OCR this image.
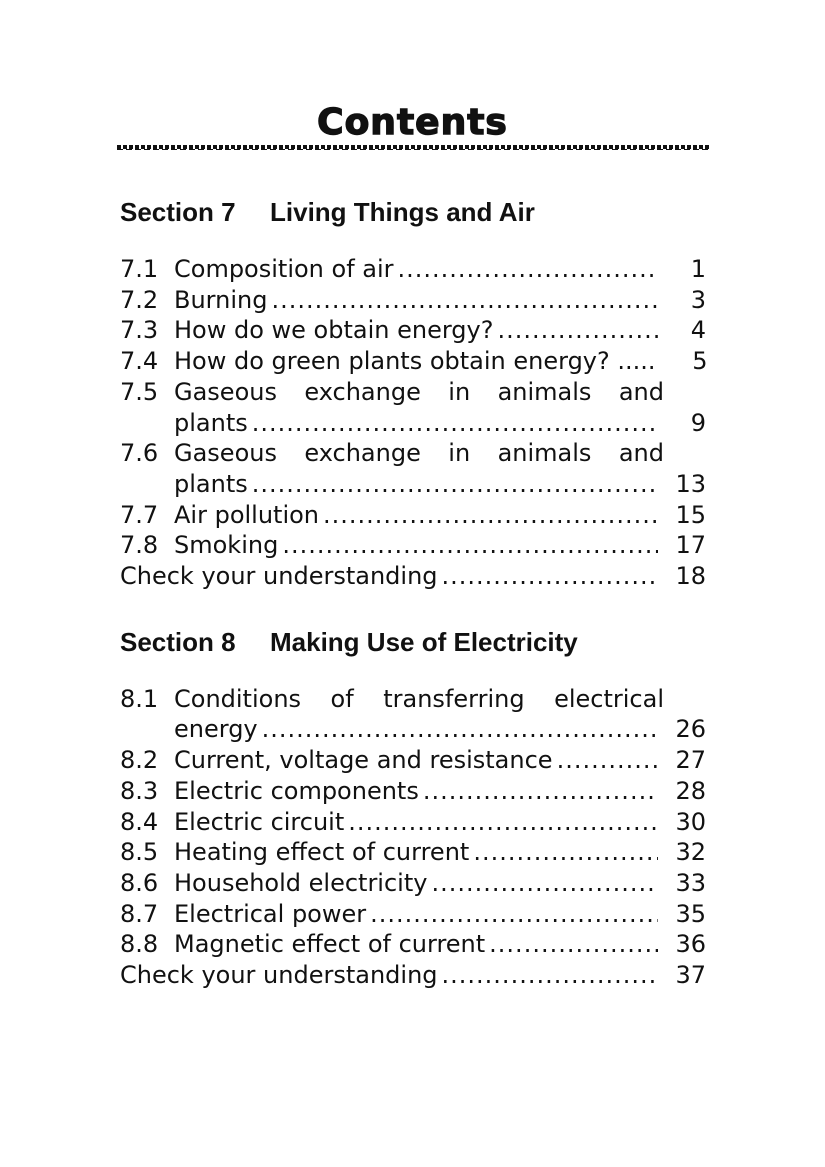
Contents
Section 7 Living Things and Air
7.1 Composition of air .....	1
7.2 Burning .....	3
7.3 How do we obtain energy? .....	4
7.4 How do green plants obtain energy? .....	5
7.5 Gaseous exchange in animals and
plants .....	9
7.6 Gaseous exchange in animals and
plants .....	13
7.7 Air pollution .....	15
7.8 Smoking .....	17
Check your understanding .....	18
Section 8 Making Use of Electricity
8.1 Conditions of transferring electrical
energy .....	26
8.2 Current, voltage and resistance .....	27
8.3 Electric components .....	28
8.4 Electric circuit .....	30
8.5 Heating effect of current .....	32
8.6 Household electricity .....	33
8.7 Electrical power .....	35
8.8 Magnetic effect of current .....	36
Check your understanding .....	37
